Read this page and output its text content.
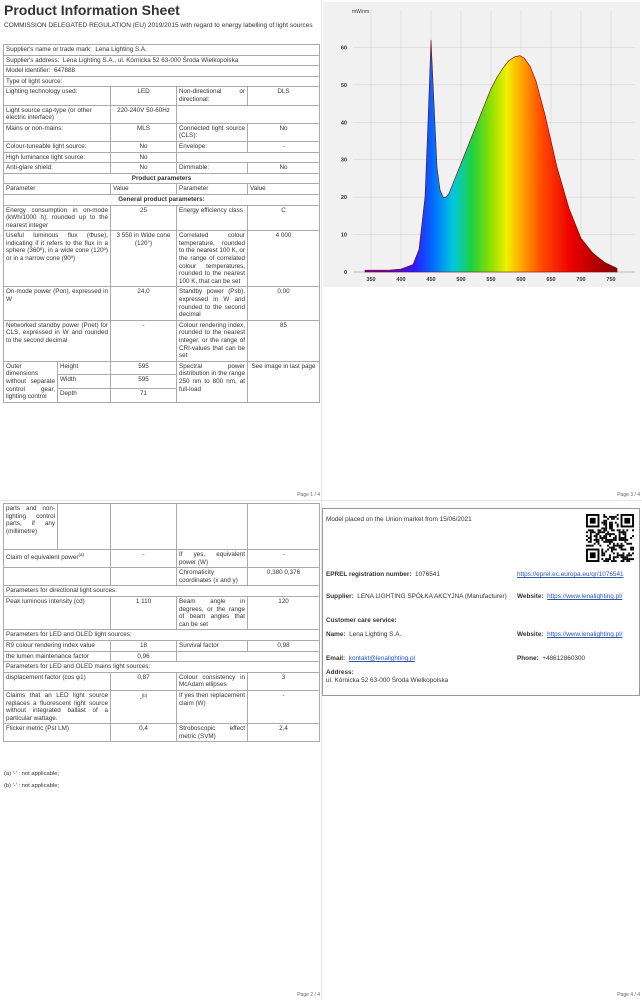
Product Information Sheet
COMMISSION DELEGATED REGULATION (EU) 2019/2015 with regard to energy labelling of light sources
Page 1 / 4
Supplier's name or trade mark: Lena Lighting S.A.				
Supplier's address: Lena Lighting S.A., ul. Kórnicka 52 63-000 Środa Wielkopolska				
Model identifier: 647888				
Type of light source:				
Lighting technology used:		LED	Non-directional or directional:	DLS
Light source cap-type (or other electric interface)		220-240V 50-60Hz		
Mains or non-mains:		MLS	Connected light source (CLS):	No
Colour-tuneable light source:		No	Envelope:	-
High luminance light source:		No		
Anti-glare shield:		No	Dimmable:	No
Product parameters				
Parameter		Value	Parameter	Value
General product parameters:				
Energy consumption in on-mode (kWh/1000 h), rounded up to the nearest integer		25	Energy efficiency class	C
Useful luminous flux (Φuse), indicating if it refers to the flux in a sphere (360º), in a wide cone (120º) or in a narrow cone (90º)		3 550 in Wide cone (120°)	Correlated colour temperature, rounded to the nearest 100 K, or the range of correlated colour temperatures, rounded to the nearest 100 K, that can be set	4 000
On-mode power (Pon), expressed in W		24,0	Standby power (Psb), expressed in W and rounded to the second decimal	0,00
Networked standby power (Pnet) for CLS, expressed in W and rounded to the second decimal		-	Colour rendering index, rounded to the nearest integer, or the range of CRI-values that can be set	85
Outer dimensions without separate control gear, lighting control	Height	595	Spectral power distribution in the range 250 nm to 800 nm, at full-load	See image in last page
	Width	595		
	Depth	71		
Page 2 / 4
parts and non-lighting control parts, if any (millimetre)				
Claim of equivalent power$^{(a)}$		-	If yes, equivalent power (W)	-
			Chromaticity coordinates (x and y)	0,380 0,376
Parameters for directional light sources:				
Peak luminous intensity (cd)		1 110	Beam angle in degrees, or the range of beam angles that can be set	120
Parameters for LED and OLED light sources:				
R9 colour rendering index value		18	Survival factor	0,98
the lumen maintenance factor		0,96		
Parameters for LED and OLED mains light sources:				
displacement factor (cos φ1)		0,87	Colour consistency in McAdam ellipses	3
Claims that an LED light source replaces a fluorescent light source without integrated ballast of a particular wattage.		-$^{(b)}$	If yes then replacement claim (W)	-
Flicker metric (Pst LM)		0,4	Stroboscopic effect metric (SVM)	2,4
(a) '-' : not applicable;
(b) '-' : not applicable;
Page 3 / 4
0
10
20
30
40
50
60
350	400	450	500	550	600	650	700	750
mW/nm
Page 4 / 4
Model placed on the Union market from 15/06/2021
EPREL registration number: 1076541	https://eprel.ec.europa.eu/qr/1076541
Supplier: LENA LIGHTING SPÓŁKA AKCYJNA (Manufacturer)	Website: https://www.lenalighting.pl/
Customer care service:
Name: Lena Lighting S.A.	Website: https://www.lenalighting.pl/
Email: kontakt@lenalighting.pl	Phone: +48612860300
Address:
ul. Kórnicka 52 63-000 Środa Wielkopolska
